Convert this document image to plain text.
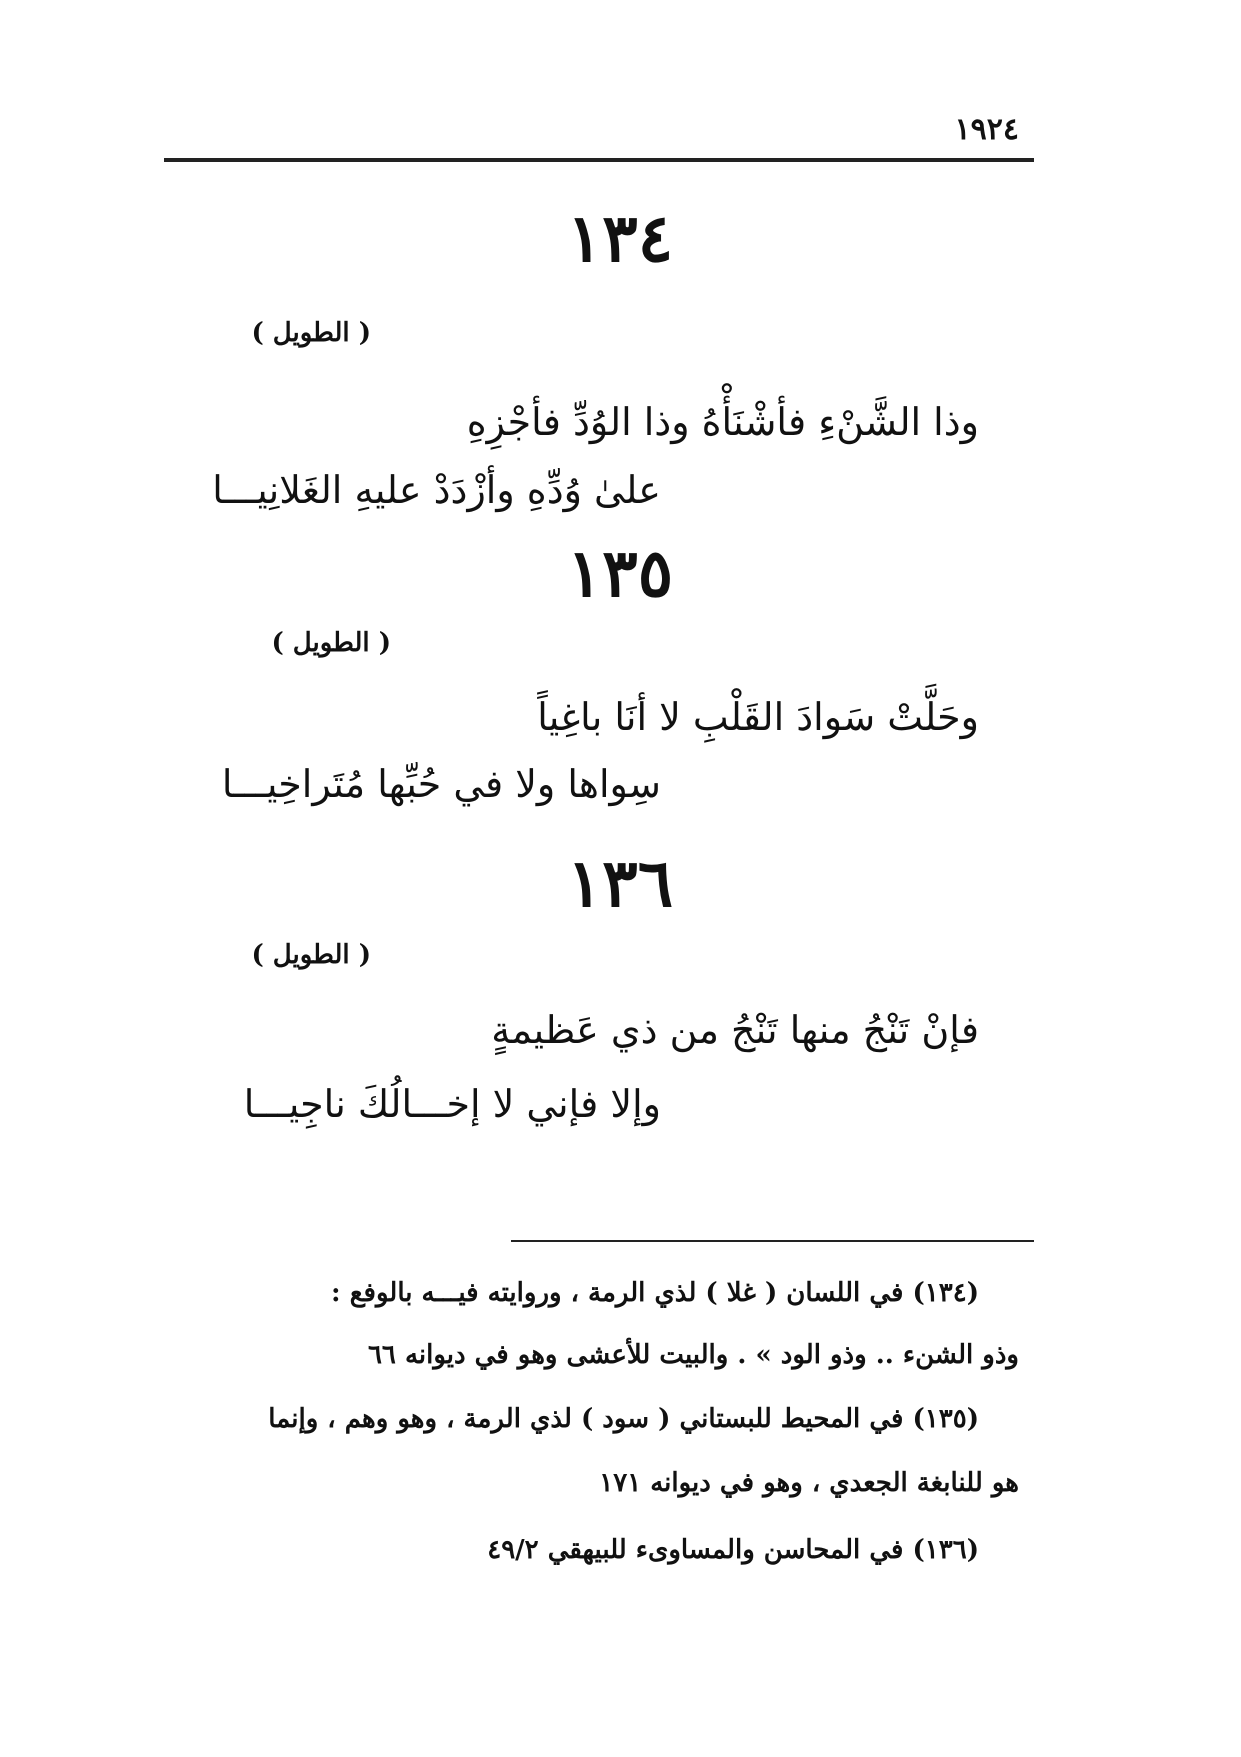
١٩٢٤
١٣٤
( الطويل )
وذا الشَّنْءِ فأشْنَأْهُ وذا الوُدِّ فأجْزِهِ
علىٰ وُدِّهِ وأزْدَدْ عليهِ الغَلانِيـــا
١٣٥
( الطويل )
وحَلَّتْ سَوادَ القَلْبِ لا أنَا باغِياً
سِواها ولا في حُبِّها مُتَراخِيـــا
١٣٦
( الطويل )
فإنْ تَنْجُ منها تَنْجُ من ذي عَظيمةٍ
وإلا فإني لا إخـــالُكَ ناجِيـــا
(١٣٤) في اللسان ( غلا ) لذي الرمة ، وروايته فيـــه بالوفع :
وذو الشنء .. وذو الود » . والبيت للأعشى وهو في ديوانه ٦٦
(١٣٥) في المحيط للبستاني ( سود ) لذي الرمة ، وهو وهم ، وإنما
هو للنابغة الجعدي ، وهو في ديوانه ١٧١
(١٣٦) في المحاسن والمساوىء للبيهقي ٤٩/٢
